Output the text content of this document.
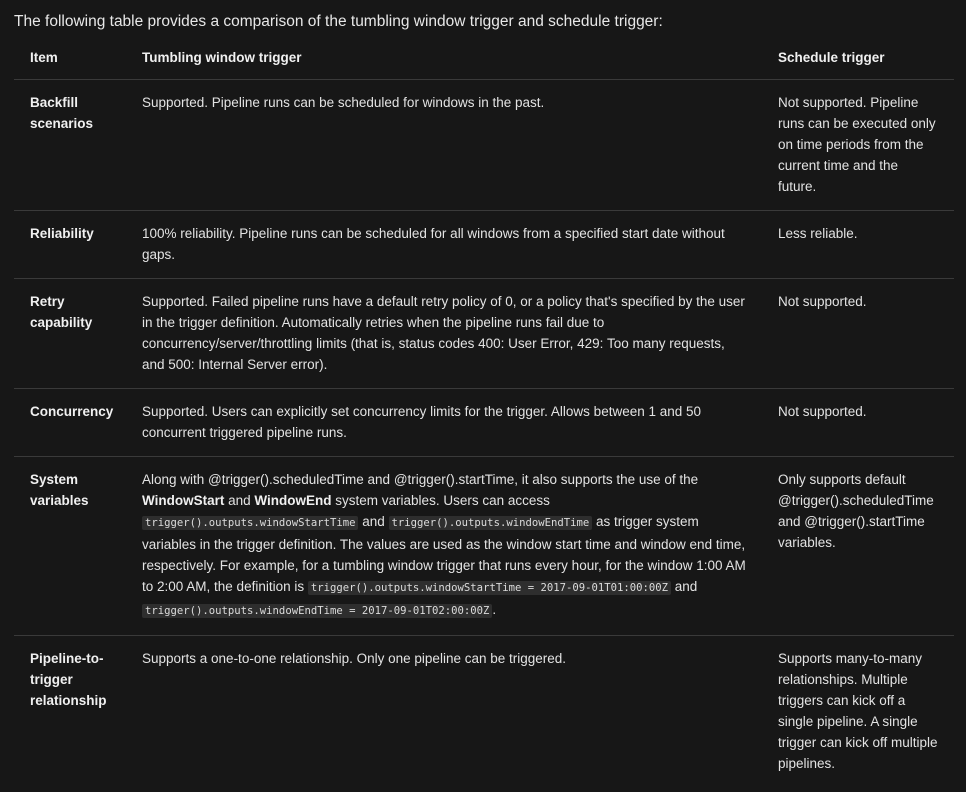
The following table provides a comparison of the tumbling window trigger and schedule trigger:
Item	Tumbling window trigger	Schedule trigger
Backfill scenarios	Supported. Pipeline runs can be scheduled for windows in the past.	Not supported. Pipeline runs can be executed only on time periods from the current time and the future.
Reliability	100% reliability. Pipeline runs can be scheduled for all windows from a specified start date without gaps.	Less reliable.
Retry capability	Supported. Failed pipeline runs have a default retry policy of 0, or a policy that's specified by the user in the trigger definition. Automatically retries when the pipeline runs fail due to concurrency/server/throttling limits (that is, status codes 400: User Error, 429: Too many requests, and 500: Internal Server error).	Not supported.
Concurrency	Supported. Users can explicitly set concurrency limits for the trigger. Allows between 1 and 50 concurrent triggered pipeline runs.	Not supported.
System variables	Along with @trigger().scheduledTime and @trigger().startTime, it also supports the use of the WindowStart and WindowEnd system variables. Users can access trigger().outputs.windowStartTime and trigger().outputs.windowEndTime as trigger system variables in the trigger definition. The values are used as the window start time and window end time, respectively. For example, for a tumbling window trigger that runs every hour, for the window 1:00 AM to 2:00 AM, the definition is trigger().outputs.windowStartTime = 2017-09-01T01:00:00Z and trigger().outputs.windowEndTime = 2017-09-01T02:00:00Z .	Only supports default @trigger().scheduledTime and @trigger().startTime variables.
Pipeline-to-trigger relationship	Supports a one-to-one relationship. Only one pipeline can be triggered.	Supports many-to-many relationships. Multiple triggers can kick off a single pipeline. A single trigger can kick off multiple pipelines.
